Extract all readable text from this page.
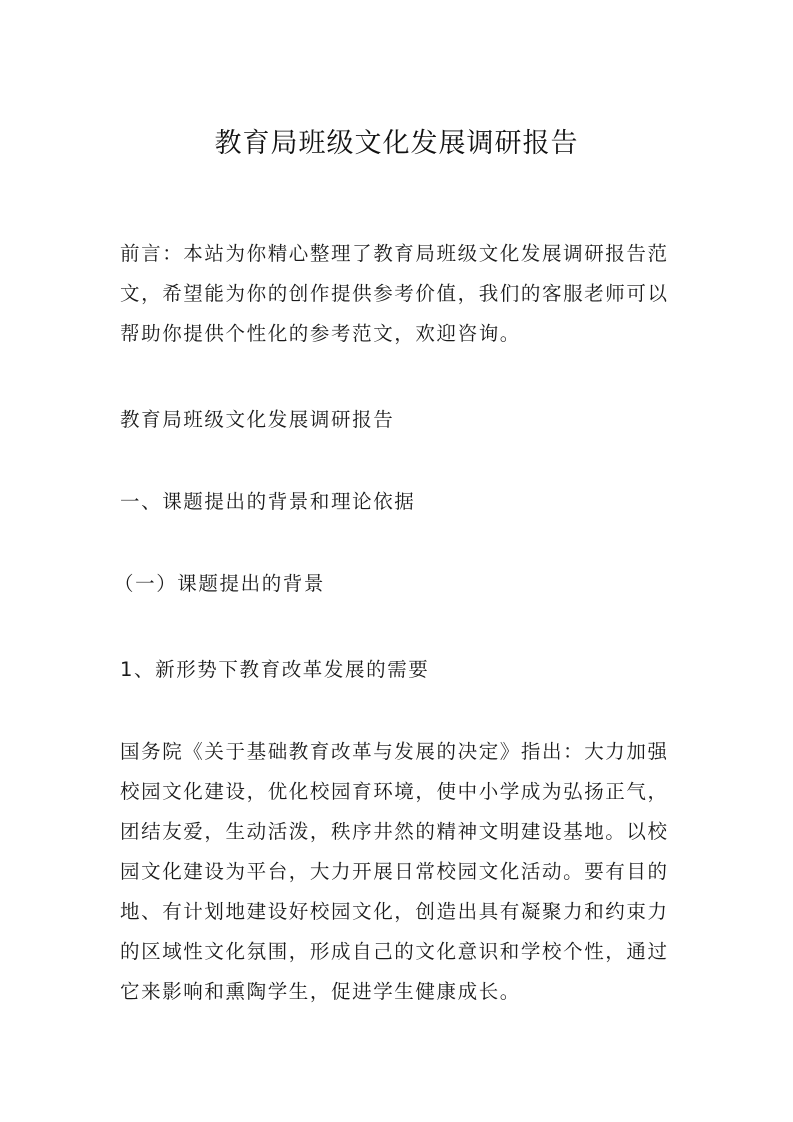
教育局班级文化发展调研报告
前言：本站为你精心整理了教育局班级文化发展调研报告范
文，希望能为你的创作提供参考价值，我们的客服老师可以
帮助你提供个性化的参考范文，欢迎咨询。

教育局班级文化发展调研报告

一、课题提出的背景和理论依据

（一）课题提出的背景

1、新形势下教育改革发展的需要

国务院《关于基础教育改革与发展的决定》指出：大力加强
校园文化建设，优化校园育环境，使中小学成为弘扬正气，
团结友爱，生动活泼，秩序井然的精神文明建设基地。以校
园文化建设为平台，大力开展日常校园文化活动。要有目的
地、有计划地建设好校园文化，创造出具有凝聚力和约束力
的区域性文化氛围，形成自己的文化意识和学校个性，通过
它来影响和熏陶学生，促进学生健康成长。
